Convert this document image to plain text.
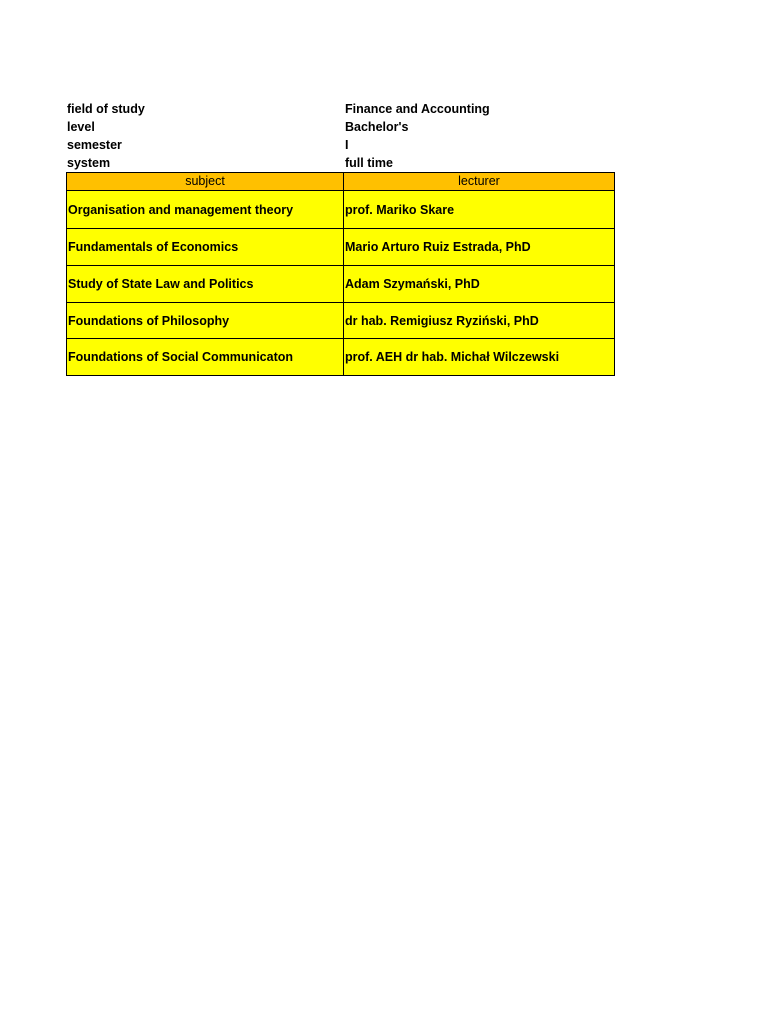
field of study	Finance and Accounting
level	Bachelor's
semester	I
system	full time
subject	lecturer
Organisation and management theory	prof. Mariko Skare
Fundamentals of Economics	Mario Arturo Ruiz Estrada, PhD
Study of State Law and Politics	Adam Szymański, PhD
Foundations of Philosophy	dr hab. Remigiusz Ryziński, PhD
Foundations of Social Communicaton	prof. AEH dr hab. Michał Wilczewski
